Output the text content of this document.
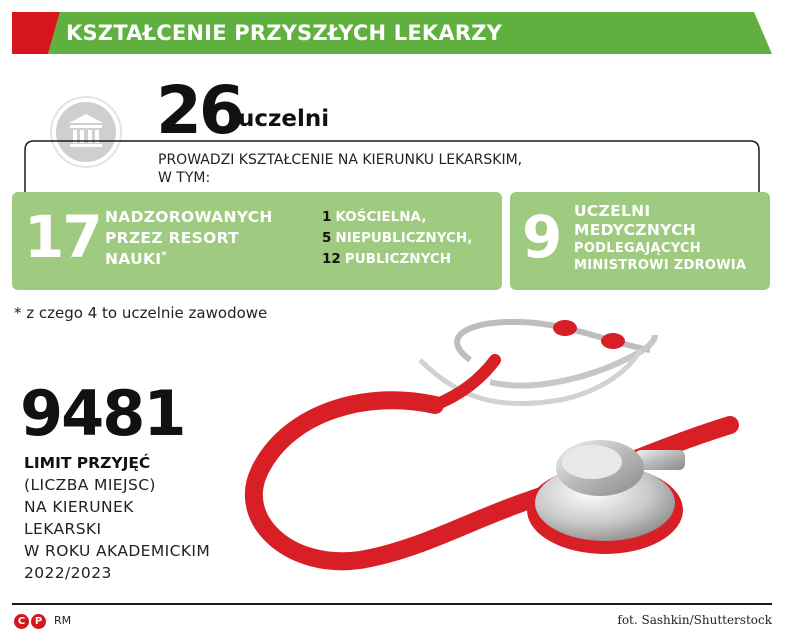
KSZTAŁCENIE PRZYSZŁYCH LEKARZY
26
uczelni
PROWADZI KSZTAŁCENIE NA KIERUNKU LEKARSKIM,
W TYM:
17 NADZOROWANYCH
PRZEZ RESORT
NAUKI*
1 KOŚCIELNA,
5 NIEPUBLICZNYCH,
12 PUBLICZNYCH	9 UCZELNI
MEDYCZNYCH
PODLEGAJĄCYCH
MINISTROWI ZDROWIA
* z czego 4 to uczelnie zawodowe
9481
LIMIT PRZYJĘĆ
(LICZBA MIEJSC)
NA KIERUNEK
LEKARSKI
W ROKU AKADEMICKIM
2022/2023
C P	RM	fot. Sashkin/Shutterstock
